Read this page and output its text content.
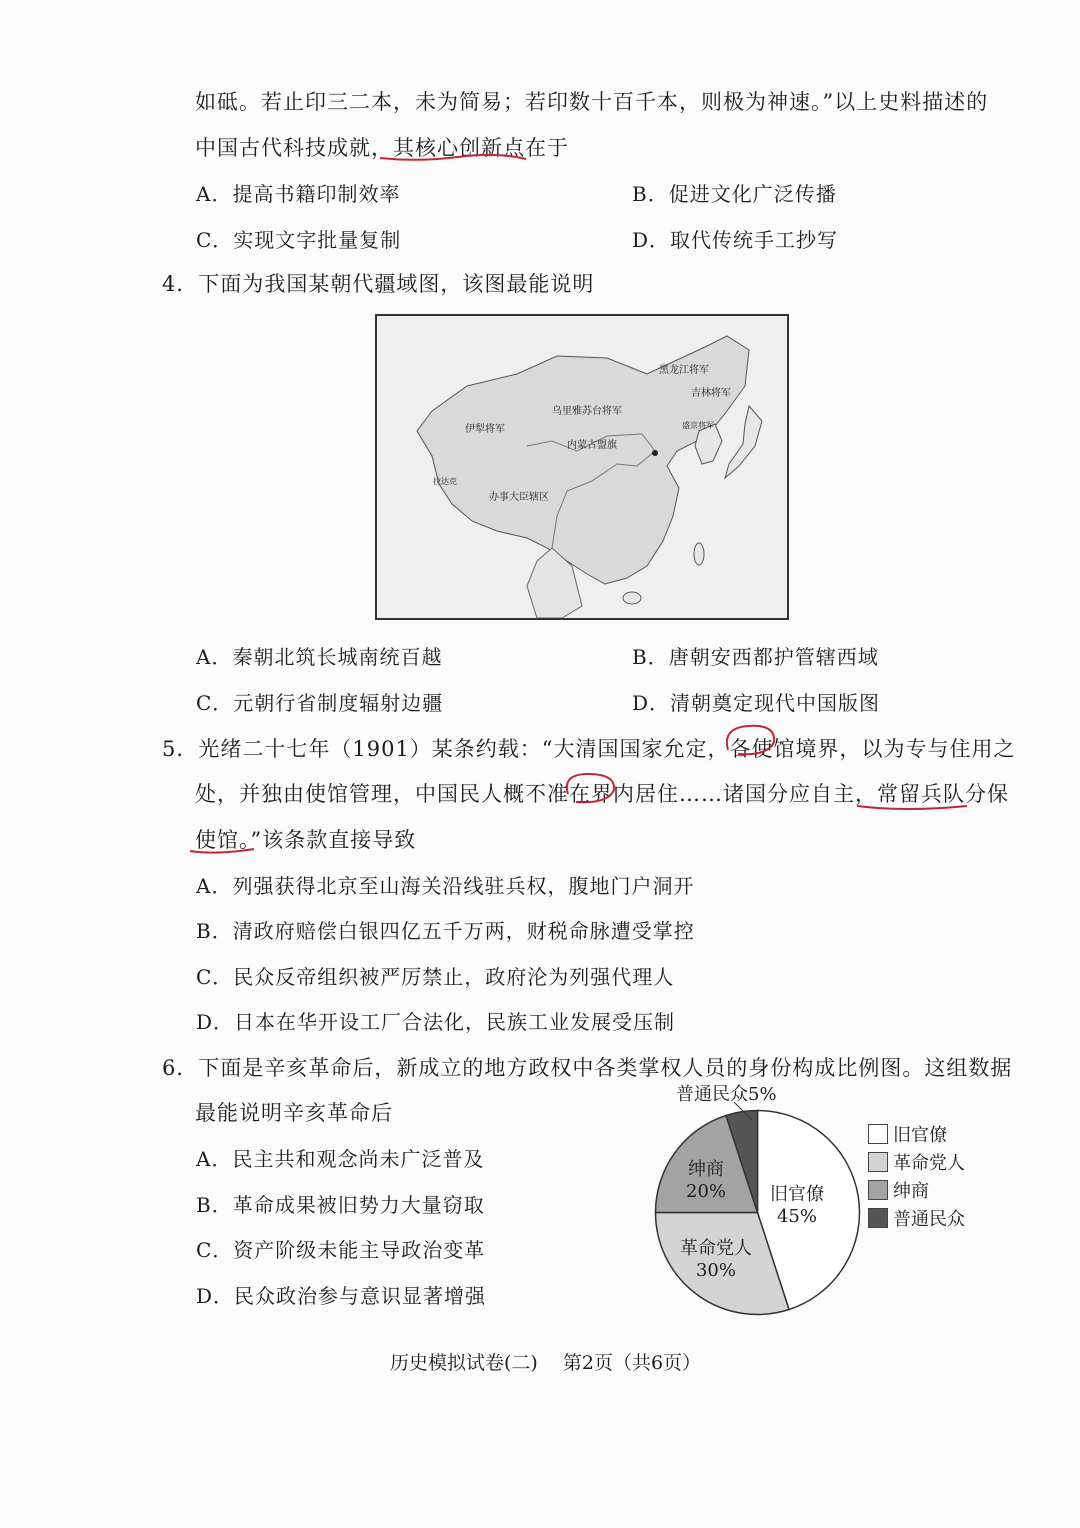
如砥。若止印三二本，未为简易；若印数十百千本，则极为神速。”以上史料描述的
中国古代科技成就，其核心创新点在于
A．提高书籍印制效率	B．促进文化广泛传播
C．实现文字批量复制	D．取代传统手工抄写
4．下面为我国某朝代疆域图，该图最能说明
黑龙江将军
吉林将军
乌里雅苏台将军
伊犁将军
内蒙古盟旗
盛京将军
办事大臣辖区
拉达克
A．秦朝北筑长城南统百越	B．唐朝安西都护管辖西域
C．元朝行省制度辐射边疆	D．清朝奠定现代中国版图
5．光绪二十七年（1901）某条约载：“大清国国家允定，各使馆境界，以为专与住用之
处，并独由使馆管理，中国民人概不准在界内居住……诸国分应自主，常留兵队分保
使馆。”该条款直接导致
A．列强获得北京至山海关沿线驻兵权，腹地门户洞开
B．清政府赔偿白银四亿五千万两，财税命脉遭受掌控
C．民众反帝组织被严厉禁止，政府沦为列强代理人
D．日本在华开设工厂合法化，民族工业发展受压制
6．下面是辛亥革命后，新成立的地方政权中各类掌权人员的身份构成比例图。这组数据
最能说明辛亥革命后
A．民主共和观念尚未广泛普及
B．革命成果被旧势力大量窃取
C．资产阶级未能主导政治变革
D．民众政治参与意识显著增强
旧官僚
45%
革命党人
30%
绅商
20%
普通民众5%
旧官僚
革命党人
绅商
普通民众
历史模拟试卷(二)　 第2页（共6页）
